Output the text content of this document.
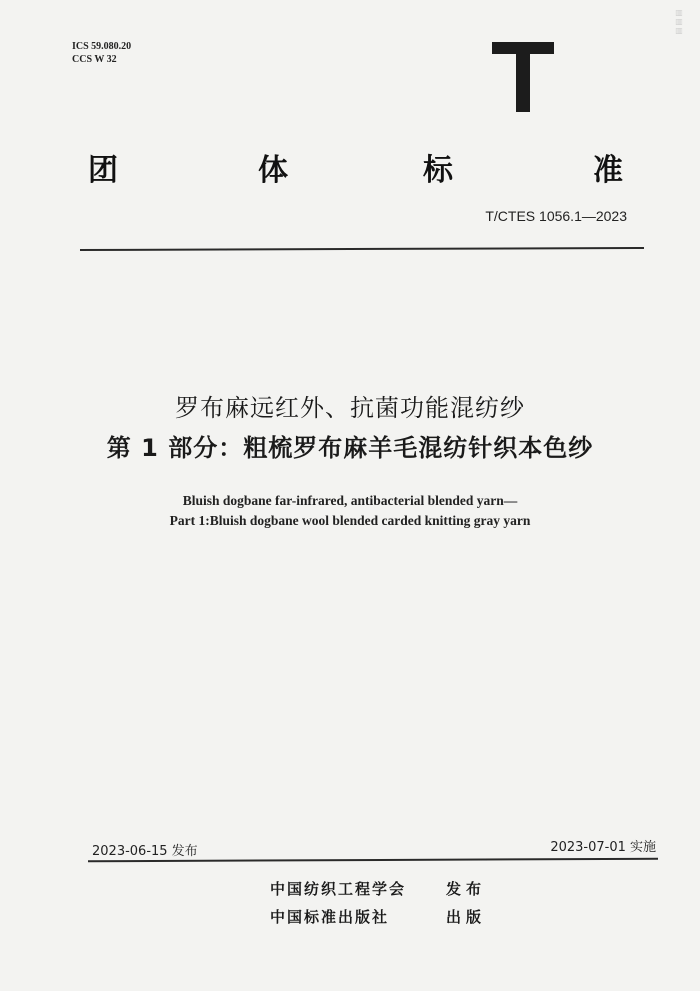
ICS 59.080.20
CCS W 32
▥
▥
▥
团	体	标	准
T/CTES 1056.1—2023
罗布麻远红外、抗菌功能混纺纱
第 1 部分：粗梳罗布麻羊毛混纺针织本色纱
Bluish dogbane far-infrared, antibacterial blended yarn—
Part 1:Bluish dogbane wool blended carded knitting gray yarn
2023-06-15 发布	2023-07-01 实施
中国纺织工程学会	发布
中国标准出版社	出版
